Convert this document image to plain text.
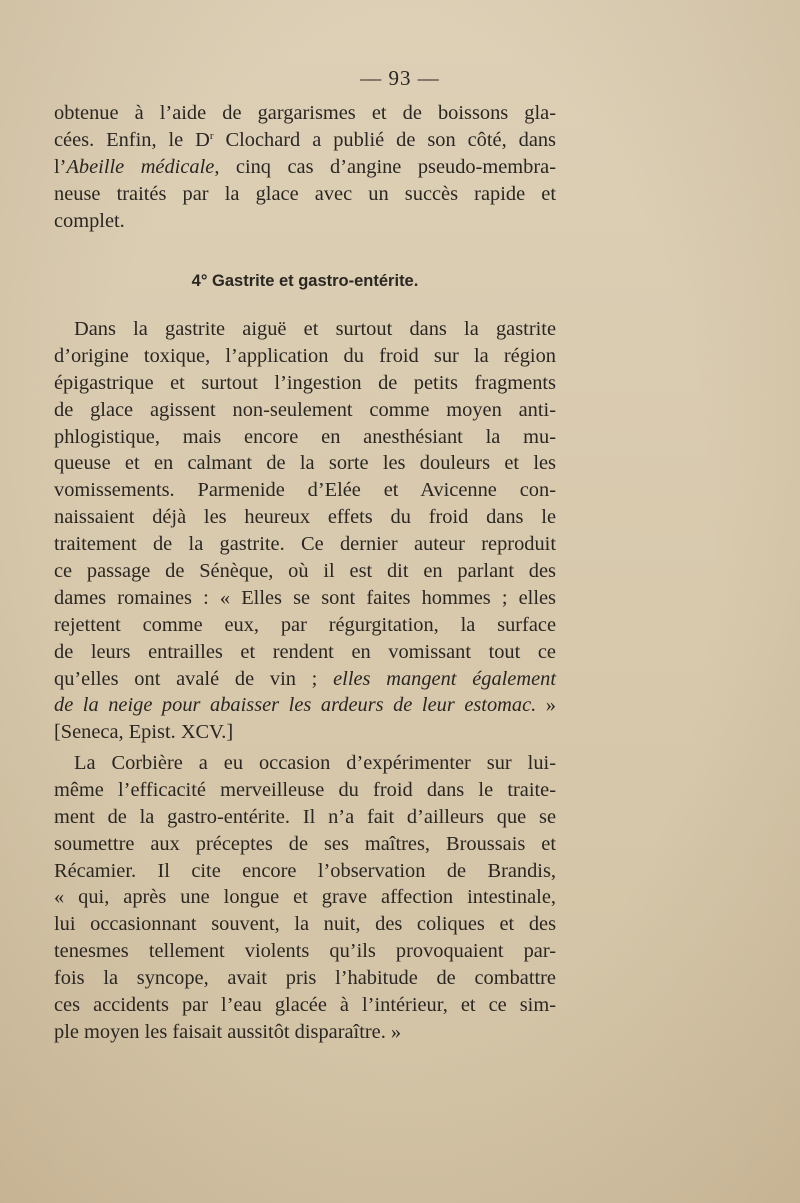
— 93 —
obtenue à l’aide de gargarismes et de boissons gla-
cées. Enfin, le $D^r$ Clochard a publié de son côté, dans
l’Abeille médicale, cinq cas d’angine pseudo-membra-
neuse traités par la glace avec un succès rapide et
complet.
4° Gastrite et gastro-entérite.
Dans la gastrite aiguë et surtout dans la gastrite
d’origine toxique, l’application du froid sur la région
épigastrique et surtout l’ingestion de petits fragments
de glace agissent non-seulement comme moyen anti-
phlogistique, mais encore en anesthésiant la mu-
queuse et en calmant de la sorte les douleurs et les
vomissements. Parmenide d’Elée et Avicenne con-
naissaient déjà les heureux effets du froid dans le
traitement de la gastrite. Ce dernier auteur reproduit
ce passage de Sénèque, où il est dit en parlant des
dames romaines : « Elles se sont faites hommes ; elles
rejettent comme eux, par régurgitation, la surface
de leurs entrailles et rendent en vomissant tout ce
qu’elles ont avalé de vin ; elles mangent également
de la neige pour abaisser les ardeurs de leur estomac. »
[Seneca, Epist. XCV.]
La Corbière a eu occasion d’expérimenter sur lui-
même l’efficacité merveilleuse du froid dans le traite-
ment de la gastro-entérite. Il n’a fait d’ailleurs que se
soumettre aux préceptes de ses maîtres, Broussais et
Récamier. Il cite encore l’observation de Brandis,
« qui, après une longue et grave affection intestinale,
lui occasionnant souvent, la nuit, des coliques et des
tenesmes tellement violents qu’ils provoquaient par-
fois la syncope, avait pris l’habitude de combattre
ces accidents par l’eau glacée à l’intérieur, et ce sim-
ple moyen les faisait aussitôt disparaître. »
